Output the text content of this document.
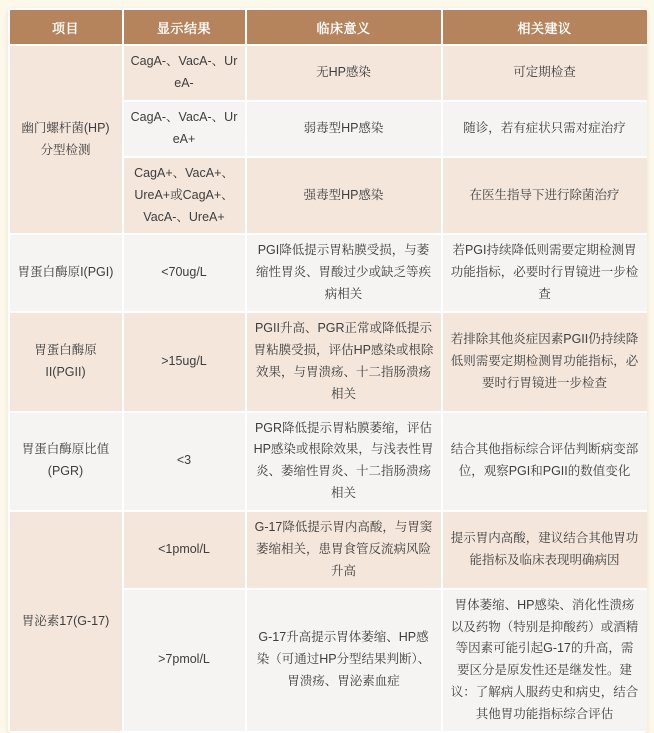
项目	显示结果	临床意义	相关建议
幽门螺杆菌(HP)分型检测	CagA-、VacA-、UreA-	无HP感染	可定期检查
	CagA-、VacA-、UreA+	弱毒型HP感染	随诊，若有症状只需对症治疗
	CagA+、VacA+、UreA+或CagA+、VacA-、UreA+	强毒型HP感染	在医生指导下进行除菌治疗
胃蛋白酶原I(PGI)	<70ug/L	PGI降低提示胃粘膜受损，与萎缩性胃炎、胃酸过少或缺乏等疾病相关	若PGI持续降低则需要定期检测胃功能指标，必要时行胃镜进一步检查
胃蛋白酶原II(PGII)	>15ug/L	PGII升高、PGR正常或降低提示胃粘膜受损，评估HP感染或根除效果，与胃溃疡、十二指肠溃疡相关	若排除其他炎症因素PGII仍持续降低则需要定期检测胃功能指标，必要时行胃镜进一步检查
胃蛋白酶原比值(PGR)	<3	PGR降低提示胃粘膜萎缩，评估HP感染或根除效果，与浅表性胃炎、萎缩性胃炎、十二指肠溃疡相关	结合其他指标综合评估判断病变部位，观察PGI和PGII的数值变化
胃泌素17(G-17)	<1pmol/L	G-17降低提示胃内高酸，与胃窦萎缩相关，患胃食管反流病风险升高	提示胃内高酸，建议结合其他胃功能指标及临床表现明确病因
	>7pmol/L	G-17升高提示胃体萎缩、HP感染（可通过HP分型结果判断）、胃溃疡、胃泌素血症	胃体萎缩、HP感染、消化性溃疡以及药物（特别是抑酸药）或酒精等因素可能引起G-17的升高，需要区分是原发性还是继发性。建议：了解病人服药史和病史，结合其他胃功能指标综合评估
